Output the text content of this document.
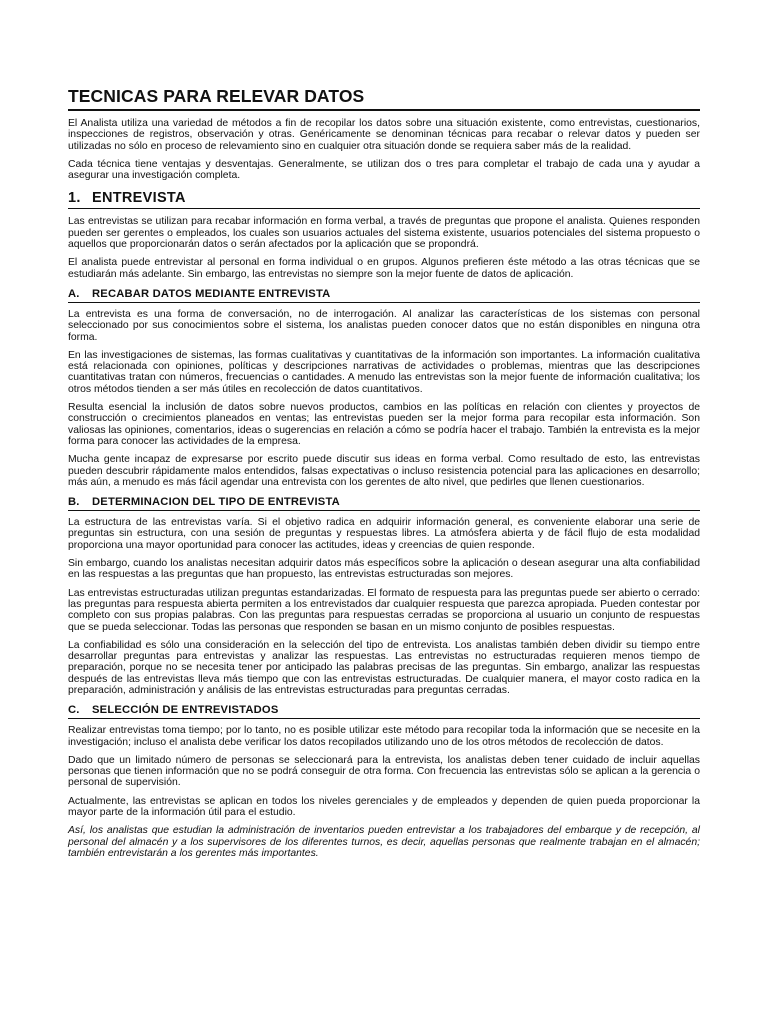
TECNICAS PARA RELEVAR DATOS

El Analista utiliza una variedad de métodos a fin de recopilar los datos sobre una situación existente, como entrevistas, cuestionarios, inspecciones de registros, observación y otras. Genéricamente se denominan técnicas para recabar o relevar datos y pueden ser utilizadas no sólo en proceso de relevamiento sino en cualquier otra situación donde se requiera saber más de la realidad.

Cada técnica tiene ventajas y desventajas. Generalmente, se utilizan dos o tres para completar el trabajo de cada una y ayudar a asegurar una investigación completa.

1. ENTREVISTA

Las entrevistas se utilizan para recabar información en forma verbal, a través de preguntas que propone el analista. Quienes responden pueden ser gerentes o empleados, los cuales son usuarios actuales del sistema existente, usuarios potenciales del sistema propuesto o aquellos que proporcionarán datos o serán afectados por la aplicación que se propondrá.

El analista puede entrevistar al personal en forma individual o en grupos. Algunos prefieren éste método a las otras técnicas que se estudiarán más adelante. Sin embargo, las entrevistas no siempre son la mejor fuente de datos de aplicación.

A. RECABAR DATOS MEDIANTE ENTREVISTA

La entrevista es una forma de conversación, no de interrogación. Al analizar las características de los sistemas con personal seleccionado por sus conocimientos sobre el sistema, los analistas pueden conocer datos que no están disponibles en ninguna otra forma.

En las investigaciones de sistemas, las formas cualitativas y cuantitativas de la información son importantes. La información cualitativa está relacionada con opiniones, políticas y descripciones narrativas de actividades o problemas, mientras que las descripciones cuantitativas tratan con números, frecuencias o cantidades. A menudo las entrevistas son la mejor fuente de información cualitativa; los otros métodos tienden a ser más útiles en recolección de datos cuantitativos.

Resulta esencial la inclusión de datos sobre nuevos productos, cambios en las políticas en relación con clientes y proyectos de construcción o crecimientos planeados en ventas; las entrevistas pueden ser la mejor forma para recopilar esta información. Son valiosas las opiniones, comentarios, ideas o sugerencias en relación a cómo se podría hacer el trabajo. También la entrevista es la mejor forma para conocer las actividades de la empresa.

Mucha gente incapaz de expresarse por escrito puede discutir sus ideas en forma verbal. Como resultado de esto, las entrevistas pueden descubrir rápidamente malos entendidos, falsas expectativas o incluso resistencia potencial para las aplicaciones en desarrollo; más aún, a menudo es más fácil agendar una entrevista con los gerentes de alto nivel, que pedirles que llenen cuestionarios.

B. DETERMINACION DEL TIPO DE ENTREVISTA

La estructura de las entrevistas varía. Si el objetivo radica en adquirir información general, es conveniente elaborar una serie de preguntas sin estructura, con una sesión de preguntas y respuestas libres. La atmósfera abierta y de fácil flujo de esta modalidad proporciona una mayor oportunidad para conocer las actitudes, ideas y creencias de quien responde.

Sin embargo, cuando los analistas necesitan adquirir datos más específicos sobre la aplicación o desean asegurar una alta confiabilidad en las respuestas a las preguntas que han propuesto, las entrevistas estructuradas son mejores.

Las entrevistas estructuradas utilizan preguntas estandarizadas. El formato de respuesta para las preguntas puede ser abierto o cerrado: las preguntas para respuesta abierta permiten a los entrevistados dar cualquier respuesta que parezca apropiada. Pueden contestar por completo con sus propias palabras. Con las preguntas para respuestas cerradas se proporciona al usuario un conjunto de respuestas que se pueda seleccionar. Todas las personas que responden se basan en un mismo conjunto de posibles respuestas.

La confiabilidad es sólo una consideración en la selección del tipo de entrevista. Los analistas también deben dividir su tiempo entre desarrollar preguntas para entrevistas y analizar las respuestas. Las entrevistas no estructuradas requieren menos tiempo de preparación, porque no se necesita tener por anticipado las palabras precisas de las preguntas. Sin embargo, analizar las respuestas después de las entrevistas lleva más tiempo que con las entrevistas estructuradas. De cualquier manera, el mayor costo radica en la preparación, administración y análisis de las entrevistas estructuradas para preguntas cerradas.

C. SELECCIÓN DE ENTREVISTADOS

Realizar entrevistas toma tiempo; por lo tanto, no es posible utilizar este método para recopilar toda la información que se necesite en la investigación; incluso el analista debe verificar los datos recopilados utilizando uno de los otros métodos de recolección de datos.

Dado que un limitado número de personas se seleccionará para la entrevista, los analistas deben tener cuidado de incluir aquellas personas que tienen información que no se podrá conseguir de otra forma. Con frecuencia las entrevistas sólo se aplican a la gerencia o personal de supervisión.

Actualmente, las entrevistas se aplican en todos los niveles gerenciales y de empleados y dependen de quien pueda proporcionar la mayor parte de la información útil para el estudio.

Así, los analistas que estudian la administración de inventarios pueden entrevistar a los trabajadores del embarque y de recepción, al personal del almacén y a los supervisores de los diferentes turnos, es decir, aquellas personas que realmente trabajan en el almacén; también entrevistarán a los gerentes más importantes.
